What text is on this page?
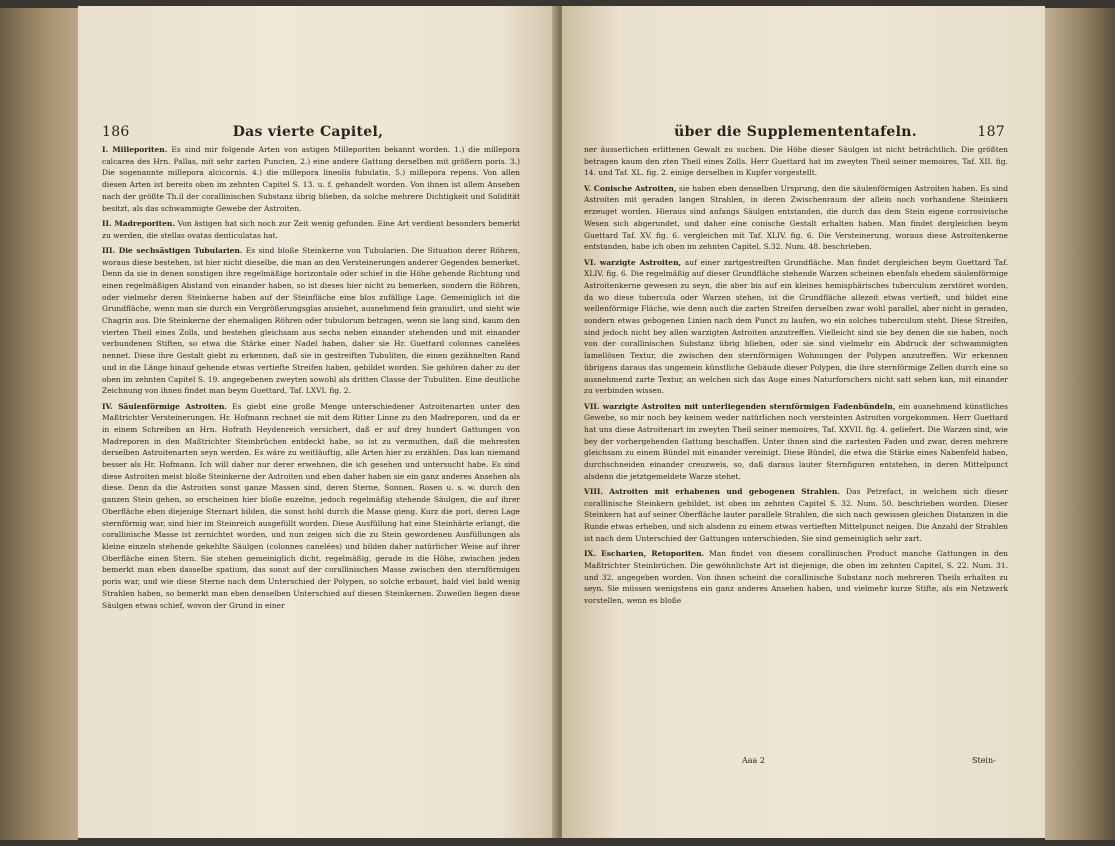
186	Das vierte Capitel,

I. Milleporiten. Es sind mir folgende Arten von astigen Milleporiten bekannt worden. 1.) die millepora calcarea des Hrn. Pallas, mit sehr zarten Puncten, 2.) eine andere Gattung derselben mit größern poris. 3.) Die sogenannte millepora alcicornis. 4.) die millepora lineolis fubulatis, 5.) millepora repens. Von allen diesen Arten ist bereits oben im zehnten Capitel S. 13. u. f. gehandelt worden. Von ihnen ist allem Ansehen nach der größte Th.il der corallinischen Substanz übrig blieben, da solche mehrere Dichtigkeit und Solidität besitzt, als das schwammigte Gewebe der Astroiten.

II. Madreporiten. Von ästigen hat sich noch zur Zeit wenig gefunden. Eine Art verdient besonders bemerkt zu werden, die stellas ovatas denticulatas hat.

III. Die sechsästigen Tubularien. Es sind bloße Steinkerne von Tubularien. Die Situation derer Röhren, woraus diese bestehen, ist hier nicht dieselbe, die man an den Versteinerungen anderer Gegenden bemerket. Denn da sie in denen sonstigen ihre regelmäßige horizontale oder schief in die Höhe gehende Richtung und einen regelmäßigen Abstand von einander haben, so ist dieses hier nicht zu bemerken, sondern die Röhren, oder vielmehr deren Steinkerne haben auf der Steinfläche eine blos zufällige Lage. Gemeiniglich ist die Grundfläche, wenn man sie durch ein Vergrößerungsglas ansiehet, ausnehmend fein granulirt, und sieht wie Chagrin aus. Die Steinkerne der ehemaligen Röhren oder tubulorum betragen, wenn sie lang sind, kaum den vierten Theil eines Zolls, und bestehen gleichsam aus sechs neben einander stehenden und mit einander verbundenen Stiften, so etwa die Stärke einer Nadel haben, daher sie Hr. Guettard colonnes canelées nennet. Diese ihre Gestalt giebt zu erkennen, daß sie in gestreiften Tubuliten, die einen gezähnelten Rand und in die Länge hinauf gehende etwas vertiefte Streifen haben, gebildet worden. Sie gehören daher zu der oben im zehnten Capitel S. 19. angegebenen zweyten sowohl als dritten Classe der Tubuliten. Eine deutliche Zeichnung von ihnen findet man beym Guettard, Taf. LXVI. fig. 2.

IV. Säulenförmige Astroiten. Es giebt eine große Menge unterschiedener Astroitenarten unter den Maßtrichter Versteinerungen. Hr. Hofmann rechnet sie mit dem Ritter Linne zu den Madreporen, und da er in einem Schreiben an Hrn. Hofrath Heydenreich versichert, daß er auf drey hundert Gattungen von Madreporen in den Maßtrichter Steinbrüchen entdeckt habe, so ist zu vermuthen, daß die mehresten derselben Astroitenarten seyn werden. Es wäre zu weitläuftig, alle Arten hier zu erzählen. Das kan niemand besser als Hr. Hofmann. Ich will daher nur derer erwehnen, die ich gesehen und untersucht habe. Es sind diese Astroiten meist bloße Steinkerne der Astroiten und eben daher haben sie ein ganz anderes Ansehen als diese. Denn da die Astroiten sonst ganze Massen sind, deren Sterne, Sonnen, Rosen u. s. w. durch den ganzen Stein gehen, so erscheinen hier bloße enzelne, jedoch regelmäßig stehende Säulgen, die auf ihrer Oberfläche eben diejenige Sternart bilden, die sonst hohl durch die Masse gieng. Kurz die pori, deren Lage sternförmig war, sind hier im Steinreich ausgefüllt worden. Diese Ausfüllung hat eine Steinhärte erlangt, die corallinische Masse ist zernichtet worden, und nun zeigen sich die zu Stein gewordenen Ausfüllungen als kleine einzeln stehende gekehlte Säulgen (colonnes canelées) und bilden daher natürlicher Weise auf ihrer Oberfläche einen Stern. Sie stehen gemeiniglich dicht, regelmäßig, gerade in die Höhe, zwischen jeden bemerkt man eben dasselbe spatium, das sonst auf der corallinischen Masse zwischen den sternförmigen poris war, und wie diese Sterne nach dem Unterschied der Polypen, so solche erbauet, bald viel bald wenig Strahlen haben, so bemerkt man eben denselben Unterschied auf diesen Steinkernen. Zuweilen liegen diese Säulgen etwas schief, wovon der Grund in einer

über die Supplemententafeln.	187

ner äusserlichen erlittenen Gewalt zu suchen. Die Höhe dieser Säulgen ist nicht beträchtlich. Die größten betragen kaum den zten Theil eines Zolls. Herr Guettard hat im zweyten Theil seiner memoires, Taf. XII. fig. 14. und Taf. XL. fig. 2. einige derselben in Kupfer vorgestellt.

V. Conische Astroiten, sie haben eben denselben Ursprung, den die säulenförmigen Astroiten haben. Es sind Astroiten mit geraden langen Strahlen, in deren Zwischenraum der allein noch vorhandene Steinkern erzeuget worden. Hieraus sind anfangs Säulgen entstanden, die durch das dem Stein eigene corrosivische Wesen sich abgerundet, und daher eine conische Gestalt erhalten haben. Man findet dergleichen beym Guettard Taf. XV. fig. 6. vergleichen mit Taf. XLIV. fig. 6. Die Versteinerung, woraus diese Astroitenkerne entstanden, habe ich oben im zehnten Capitel, S.32. Num. 48. beschrieben.

VI. warzigte Astroiten, auf einer zartgestreiften Grundfläche. Man findet dergleichen beym Guettard Taf. XLIV. fig. 6. Die regelmäßig auf dieser Grundfläche stehende Warzen scheinen ebenfals ehedem säulenförmige Astroitenkerne gewesen zu seyn, die aber bis auf ein kleines hemisphärisches tuberculum zerstöret worden, da wo diese tubercula oder Warzen stehen, ist die Grundfläche allezeit etwas vertieft, und bildet eine wellenförmige Fläche, wie denn auch die zarten Streifen derselben zwar wohl parallel, aber nicht in geraden, sondern etwas gebogenen Linien nach dem Punct zu laufen, wo ein solches tuberculum steht. Diese Streifen, sind jedoch nicht bey allen warzigten Astroiten anzutreffen. Vielleicht sind sie bey denen die sie haben, noch von der corallinischen Substanz übrig blieben, oder sie sind vielmehr ein Abdruck der schwammigten lamellösen Textur, die zwischen den sternförmigen Wohnungen der Polypen anzutreffen. Wir erkennen übrigens daraus das ungemein künstliche Gebäude dieser Polypen, die ihre sternförmige Zellen durch eine so ausnehmend zarte Textur, an welchen sich das Auge eines Naturforschers nicht satt sehen kan, mit einander zu verbinden wissen.

VII. warzigte Astroiten mit unterliegenden sternförmigen Fadenbündeln, ein ausnehmend künstliches Gewebe, so mir noch bey keinem weder natürlichen noch versteinten Astroiten vorgekommen. Herr Guettard hat uns diese Astroitenart im zweyten Theil seiner memoires, Taf. XXVII. fig. 4. geliefert. Die Warzen sind, wie bey der vorhergehenden Gattung beschaffen. Unter ihnen sind die zartesten Faden und zwar, deren mehrere gleichsam zu einem Bündel mit einander vereinigt. Diese Bündel, die etwa die Stärke eines Nabenfeld haben, durchschneiden einander creuzweis, so, daß daraus lauter Sternfiguren entstehen, in deren Mittelpunct alsdenn die jetztgemeldete Warze stehet.

VIII. Astroiten mit erhabenen und gebogenen Strahlen. Das Petrefact, in welchem sich dieser corallinische Steinkern gebildet, ist oben im zehnten Capitel S. 32. Num. 50. beschrieben worden. Dieser Steinkern hat auf seiner Oberfläche lauter parallele Strahlen, die sich nach gewissen gleichen Distanzen in die Runde etwas erheben, und sich alsdenn zu einem etwas vertieften Mittelpunct neigen. Die Anzahl der Strahlen ist nach dem Unterschied der Gattungen unterschieden. Sie sind gemeiniglich sehr zart.

IX. Escharten, Retoporiten. Man findet von diesem corallinischen Product manche Gattungen in den Maßtrichter Steinbrüchen. Die gewöhnlichste Art ist diejenige, die oben im zehnten Capitel, S. 22. Num. 31. und 32. angegeben worden. Von ihnen scheint die corallinische Substanz noch mehreren Theils erhalten zu seyn. Sie müssen wenigstens ein ganz anderes Ansehen haben, und vielmehr kurze Stifte, als ein Netzwerk vorstellen, wenn es bloße

Aaa 2	Stein-
